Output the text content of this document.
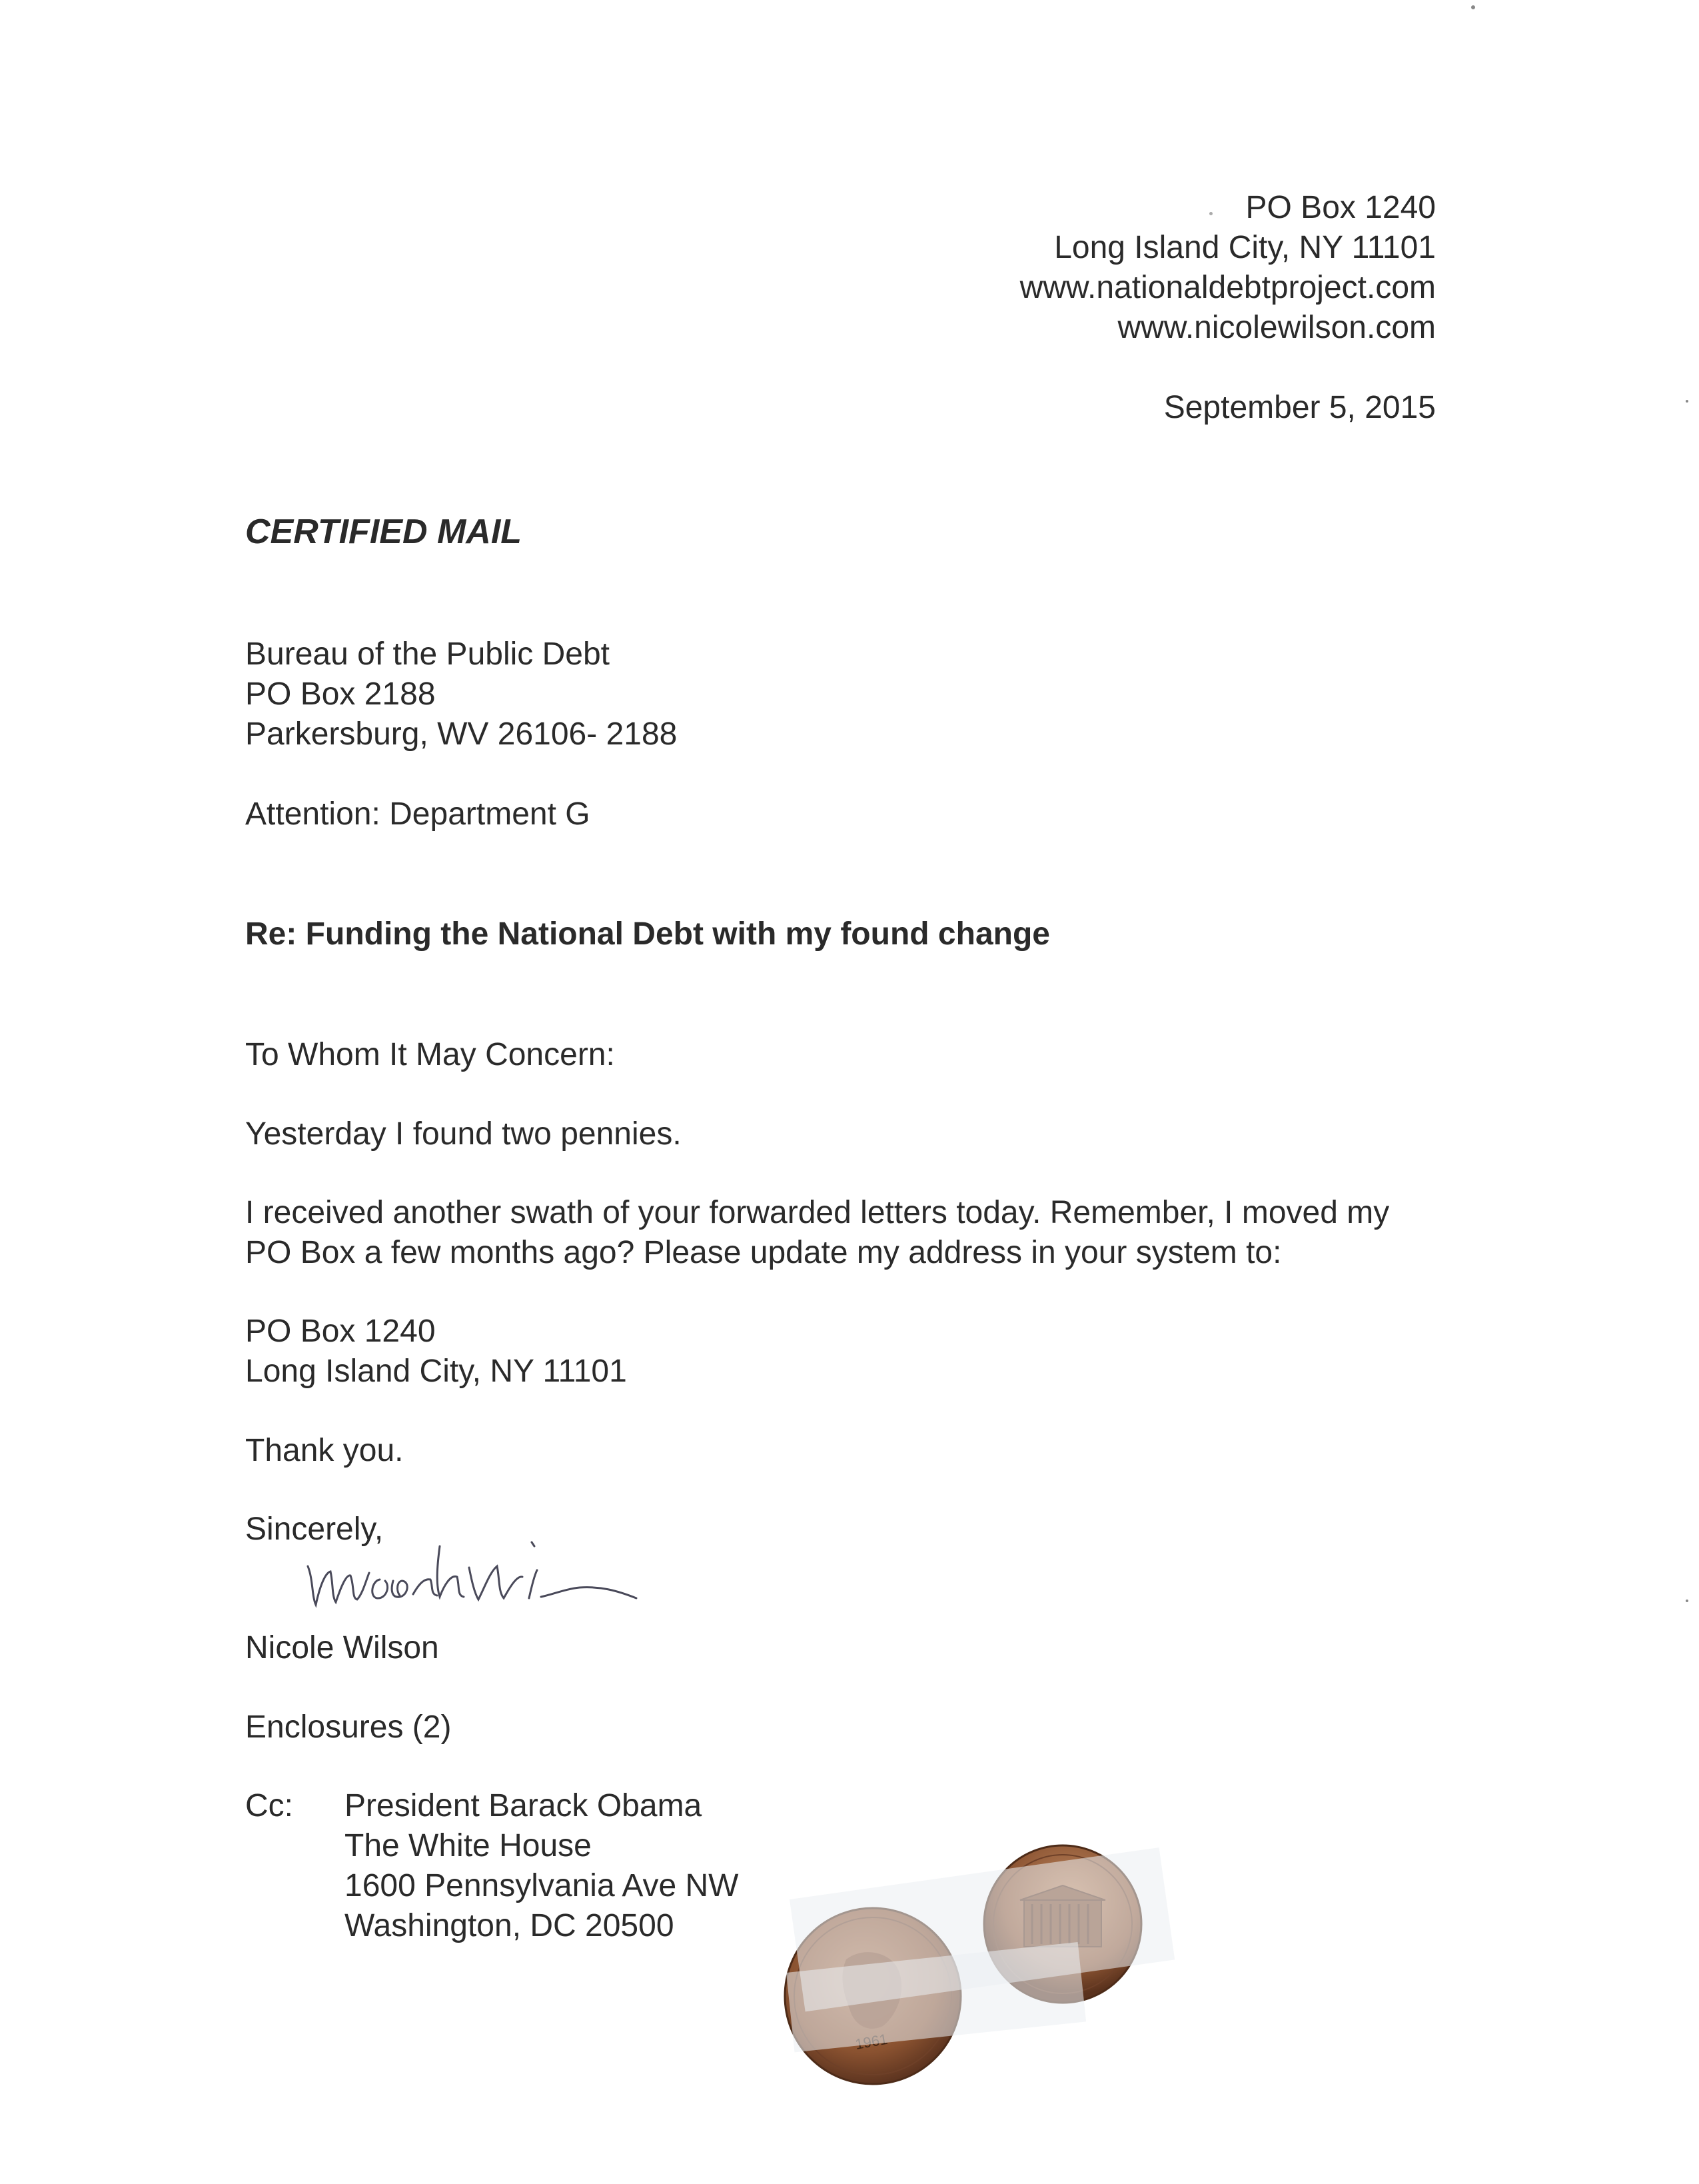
PO Box 1240
Long Island City, NY 11101
www.nationaldebtproject.com
www.nicolewilson.com
September 5, 2015
CERTIFIED MAIL
Bureau of the Public Debt
PO Box 2188
Parkersburg, WV 26106- 2188
Attention: Department G
Re: Funding the National Debt with my found change
To Whom It May Concern:
Yesterday I found two pennies.
I received another swath of your forwarded letters today. Remember, I moved my
PO Box a few months ago? Please update my address in your system to:
PO Box 1240
Long Island City, NY 11101
Thank you.
Sincerely,
Nicole Wilson
Enclosures (2)
Cc: President Barack Obama
The White House
1600 Pennsylvania Ave NW
Washington, DC 20500
